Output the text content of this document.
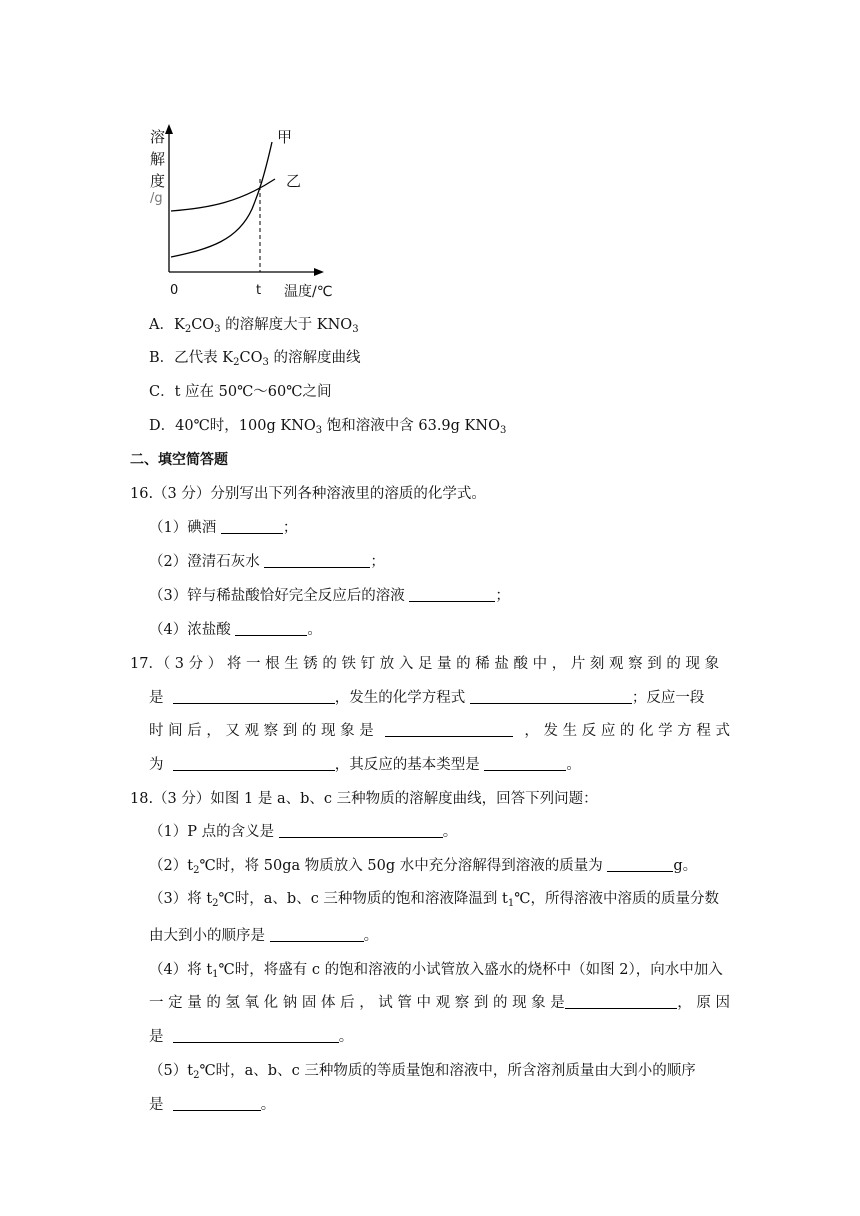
溶
解
度
/g
0	t 温度/℃
甲
乙
A．$K_2CO_3$ 的溶解度大于 $KNO_3$
B．乙代表 $K_2CO_3$ 的溶解度曲线
C．t 应在 50℃～60℃之间
D．40℃时，100g $KNO_3$ 饱和溶液中含 63.9g $KNO_3$
二、填空简答题
16.（3 分）分别写出下列各种溶液里的溶质的化学式。
（1）碘酒	；
（2）澄清石灰水	；
（3）锌与稀盐酸恰好完全反应后的溶液	；
（4）浓盐酸	。
17．（ 3 分 ） 将 一 根 生 锈 的 铁 钉 放 入 足 量 的 稀 盐 酸 中 ， 片 刻 观 察 到 的 现 象
是	，发生的化学方程式	；反应一段
时 间 后 ， 又 观 察 到 的 现 象 是	， 发 生 反 应 的 化 学 方 程 式
为	，其反应的基本类型是	。
18.（3 分）如图 1 是 a、b、c 三种物质的溶解度曲线，回答下列问题：
（1）P 点的含义是	。
$(2)t_2℃$时，将 50ga 物质放入 50g 水中充分溶解得到溶液的质量为	g。
（3）将 $t_2℃$时，a、b、c 三种物质的饱和溶液降温到 $t_1℃$，所得溶液中溶质的质量分数
由大到小的顺序是	。
（4）将 $t_1℃$时，将盛有 c 的饱和溶液的小试管放入盛水的烧杯中（如图 2），向水中加入
一 定 量 的 氢 氧 化 钠 固 体 后 ， 试 管 中 观 察 到 的 现 象 是	， 原 因
是	。
$(5)t_2℃$时，a、b、c 三种物质的等质量饱和溶液中，所含溶剂质量由大到小的顺序
是	。
